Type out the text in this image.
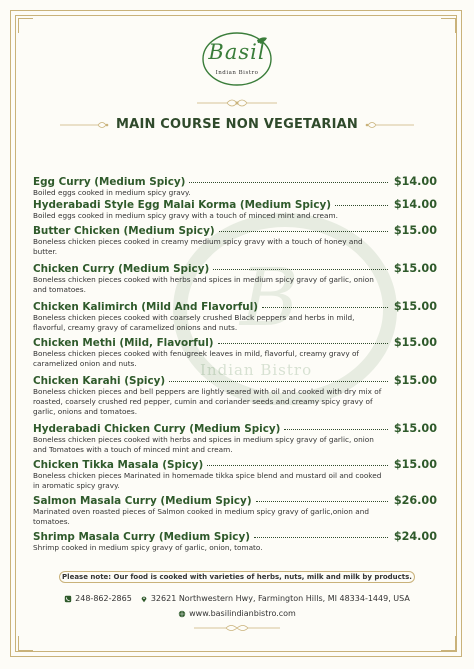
Basil
Indian Bistro
MAIN COURSE NON VEGETARIAN
B
Indian Bistro
Egg Curry (Medium Spicy)	$14.00
Boiled eggs cooked in medium spicy gravy.
Hyderabadi Style Egg Malai Korma (Medium Spicy)	$14.00
Boiled eggs cooked in medium spicy gravy with a touch of minced mint and cream.
Butter Chicken (Medium Spicy)	$15.00
Boneless chicken pieces cooked in creamy medium spicy gravy with a touch of honey and butter.
Chicken Curry (Medium Spicy)	$15.00
Boneless chicken pieces cooked with herbs and spices in medium spicy gravy of garlic, onion and tomatoes.
Chicken Kalimirch (Mild And Flavorful)	$15.00
Boneless chicken pieces cooked with coarsely crushed Black peppers and herbs in mild, flavorful, creamy gravy of caramelized onions and nuts.
Chicken Methi (Mild, Flavorful)	$15.00
Boneless chicken pieces cooked with fenugreek leaves in mild, flavorful, creamy gravy of caramelized onion and nuts.
Chicken Karahi (Spicy)	$15.00
Boneless chicken pieces and bell peppers are lightly seared with oil and cooked with dry mix of roasted, coarsely crushed red pepper, cumin and coriander seeds and creamy spicy gravy of garlic, onions and tomatoes.
Hyderabadi Chicken Curry (Medium Spicy)	$15.00
Boneless chicken pieces cooked with herbs and spices in medium spicy gravy of garlic, onion and Tomatoes with a touch of minced mint and cream.
Chicken Tikka Masala (Spicy)	$15.00
Boneless chicken pieces Marinated in homemade tikka spice blend and mustard oil and cooked in aromatic spicy gravy.
Salmon Masala Curry (Medium Spicy)	$26.00
Marinated oven roasted pieces of Salmon cooked in medium spicy gravy of garlic,onion and tomatoes.
Shrimp Masala Curry (Medium Spicy)	$24.00
Shrimp cooked in medium spicy gravy of garlic, onion, tomato.
Please note: Our food is cooked with varieties of herbs, nuts, milk and milk by products.
248-862-2865 32621 Northwestern Hwy, Farmington Hills, MI 48334-1449, USA
www.basilindianbistro.com
